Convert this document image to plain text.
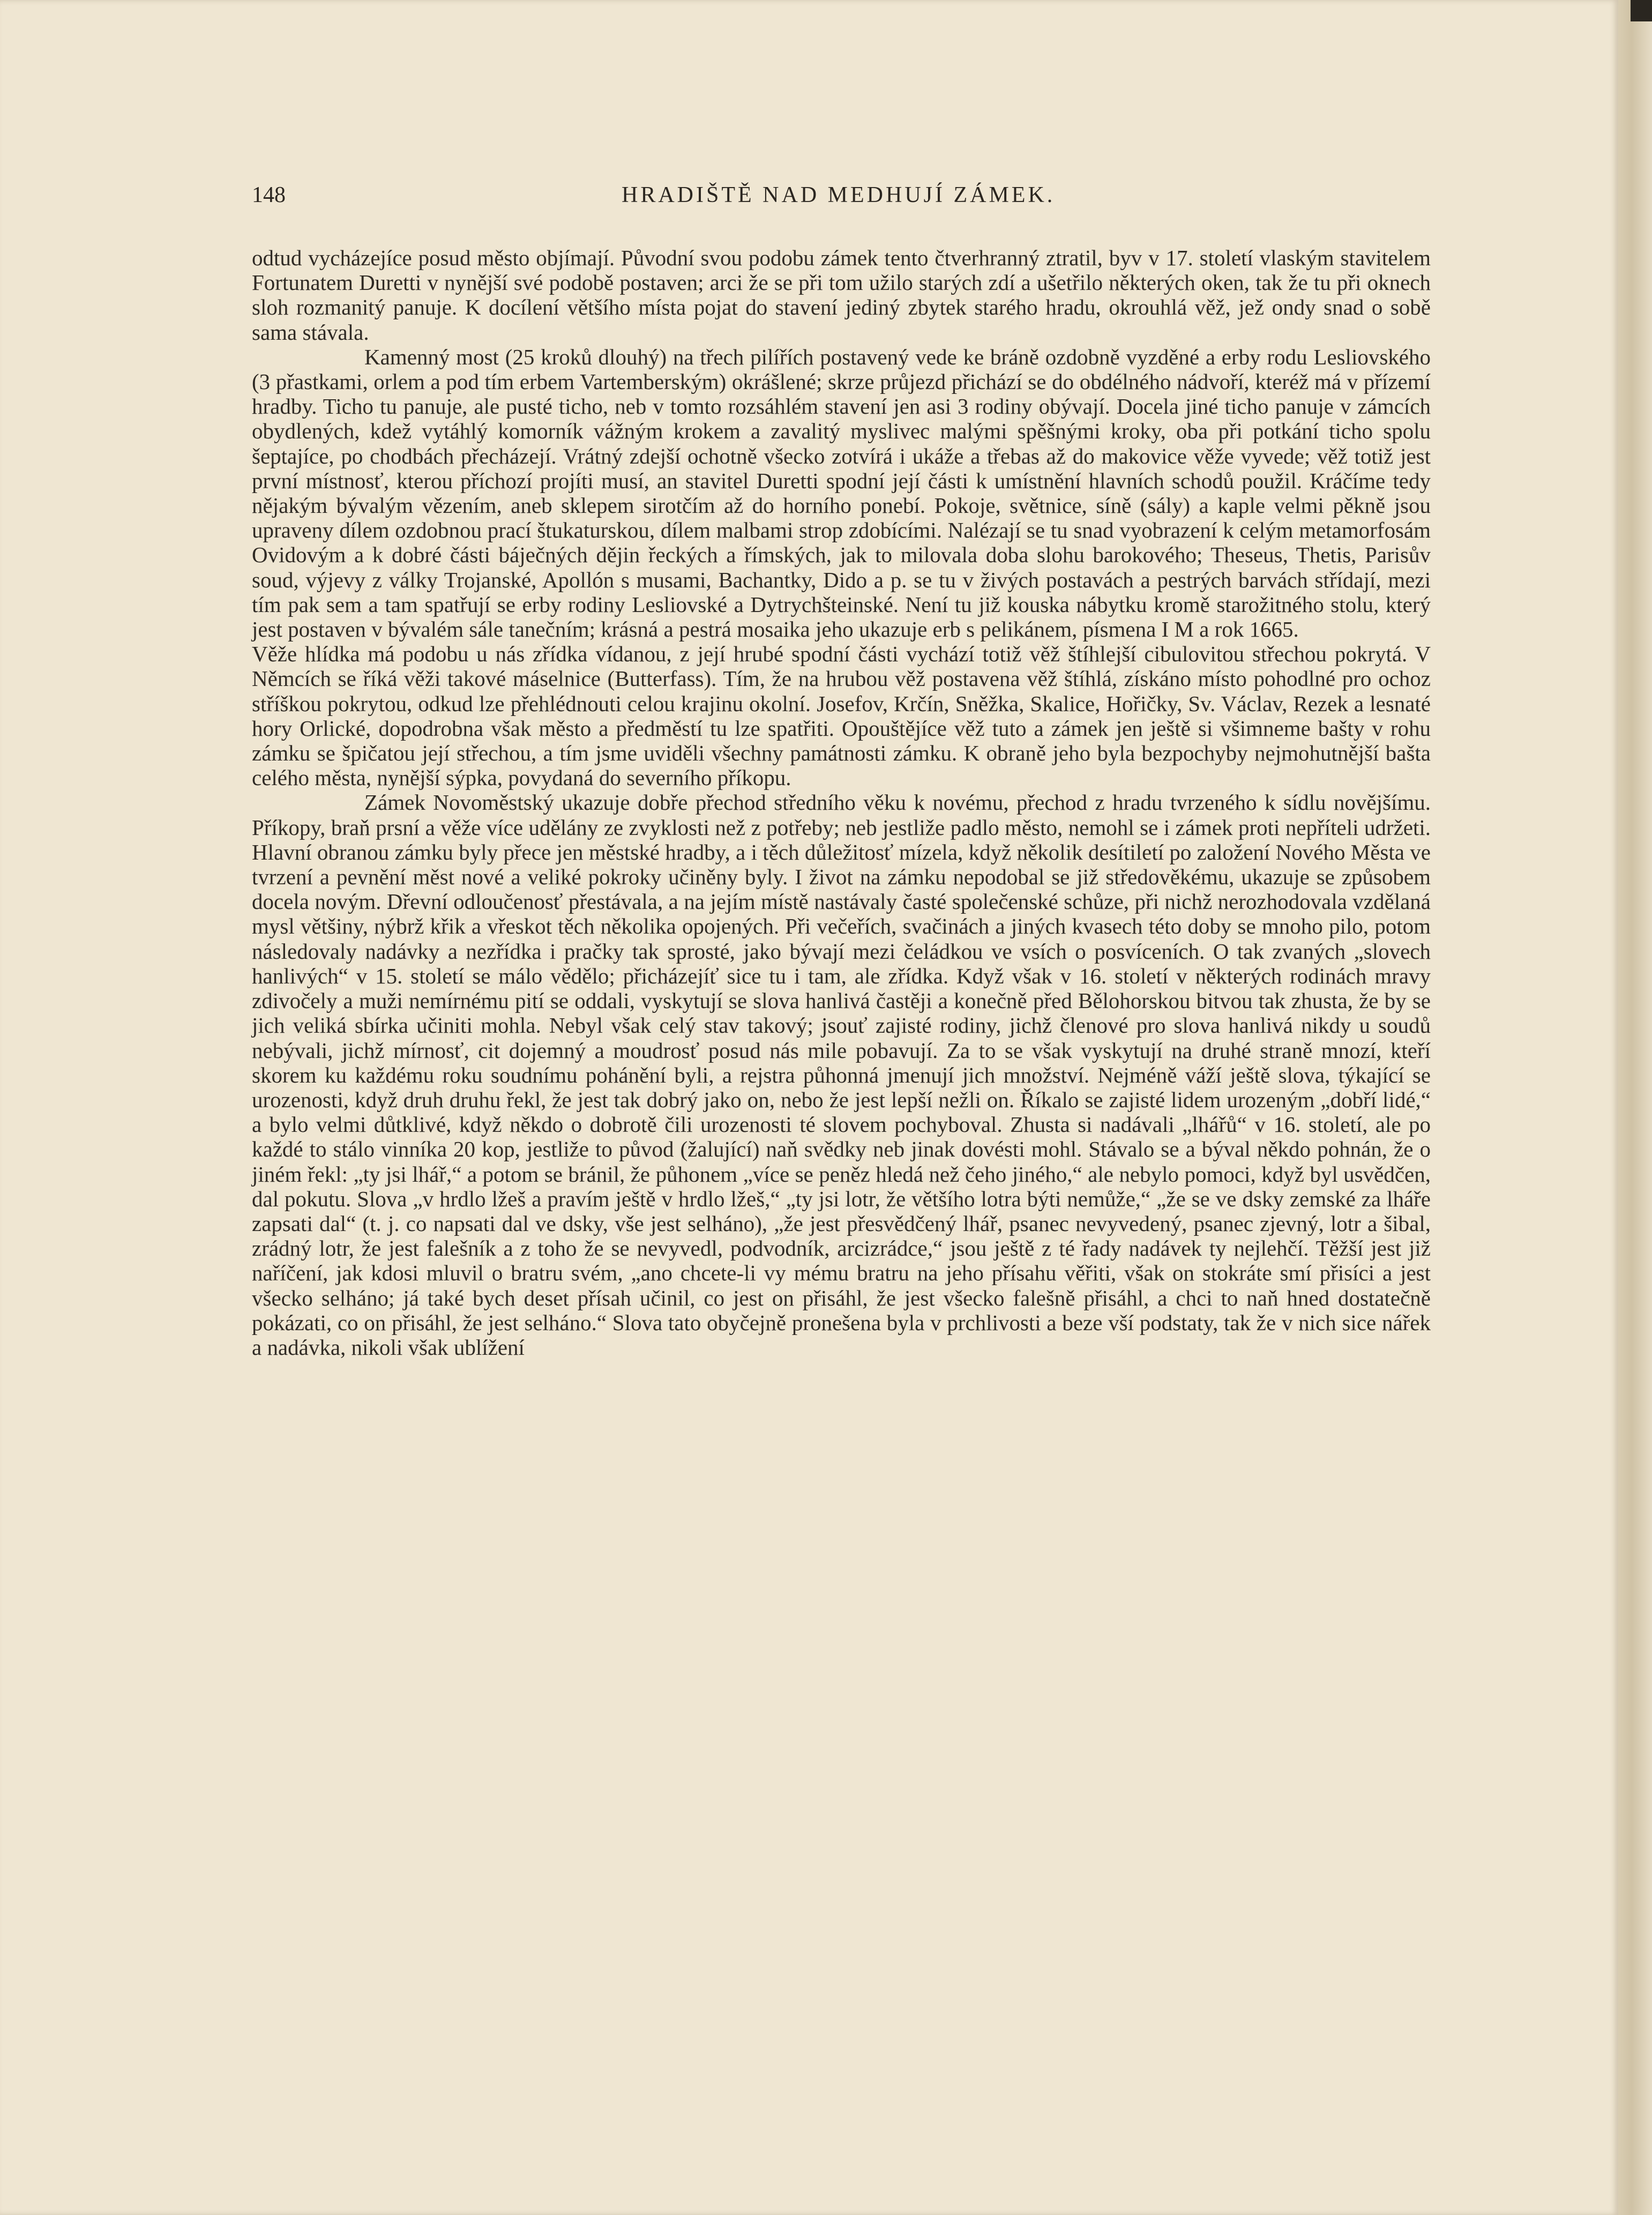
148	HRADIŠTĚ NAD MEDHUJÍ ZÁMEK.

odtud vycházejíce posud město objímají. Původní svou podobu zámek tento čtverhranný ztratil, byv v 17. století vlaským stavitelem Fortunatem Duretti v nynější své podobě postaven; arci že se při tom užilo starých zdí a ušetřilo některých oken, tak že tu při oknech sloh rozmanitý panuje. K docílení většího místa pojat do stavení jediný zbytek starého hradu, okrouhlá věž, jež ondy snad o sobě sama stávala.

Kamenný most (25 kroků dlouhý) na třech pilířích postavený vede ke bráně ozdobně vyzděné a erby rodu Lesliovského (3 přastkami, orlem a pod tím erbem Vartemberským) okrášlené; skrze průjezd přichází se do obdélného nádvoří, kteréž má v přízemí hradby. Ticho tu panuje, ale pusté ticho, neb v tomto rozsáhlém stavení jen asi 3 rodiny obývají. Docela jiné ticho panuje v zámcích obydlených, kdež vytáhlý komorník vážným krokem a zavalitý myslivec malými spěšnými kroky, oba při potkání ticho spolu šeptajíce, po chodbách přecházejí. Vrátný zdejší ochotně všecko zotvírá i ukáže a třebas až do makovice věže vyvede; věž totiž jest první místnosť, kterou příchozí projíti musí, an stavitel Duretti spodní její části k umístnění hlavních schodů použil. Kráčíme tedy nějakým bývalým vězením, aneb sklepem sirotčím až do horního ponebí. Pokoje, světnice, síně (sály) a kaple velmi pěkně jsou upraveny dílem ozdobnou prací štukaturskou, dílem malbami strop zdobícími. Nalézají se tu snad vyobrazení k celým metamorfosám Ovidovým a k dobré části báječných dějin řeckých a římských, jak to milovala doba slohu barokového; Theseus, Thetis, Parisův soud, výjevy z války Trojanské, Apollón s musami, Bachantky, Dido a p. se tu v živých postavách a pestrých barvách střídají, mezi tím pak sem a tam spatřují se erby rodiny Lesliovské a Dytrychšteinské. Není tu již kouska nábytku kromě starožitného stolu, který jest postaven v bývalém sále tanečním; krásná a pestrá mosaika jeho ukazuje erb s pelikánem, písmena I M a rok 1665.

Věže hlídka má podobu u nás zřídka vídanou, z její hrubé spodní části vychází totiž věž štíhlejší cibulovitou střechou pokrytá. V Němcích se říká věži takové máselnice (Butterfass). Tím, že na hrubou věž postavena věž štíhlá, získáno místo pohodlné pro ochoz stříškou pokrytou, odkud lze přehlédnouti celou krajinu okolní. Josefov, Krčín, Sněžka, Skalice, Hořičky, Sv. Václav, Rezek a lesnaté hory Orlické, dopodrobna však město a předměstí tu lze spatřiti. Opouštějíce věž tuto a zámek jen ještě si všimneme bašty v rohu zámku se špičatou její střechou, a tím jsme uviděli všechny památnosti zámku. K obraně jeho byla bezpochyby nejmohutnější bašta celého města, nynější sýpka, povydaná do severního příkopu.

Zámek Novoměstský ukazuje dobře přechod středního věku k novému, přechod z hradu tvrzeného k sídlu novějšímu. Příkopy, braň prsní a věže více udělány ze zvyklosti než z potřeby; neb jestliže padlo město, nemohl se i zámek proti nepříteli udržeti. Hlavní obranou zámku byly přece jen městské hradby, a i těch důležitosť mízela, když několik desítiletí po založení Nového Města ve tvrzení a pevnění měst nové a veliké pokroky učiněny byly. I život na zámku nepodobal se již středověkému, ukazuje se způsobem docela novým. Dřevní odloučenosť přestávala, a na jejím místě nastávaly časté společenské schůze, při nichž nerozhodovala vzdělaná mysl většiny, nýbrž křik a vřeskot těch několika opojených. Při večeřích, svačinách a jiných kvasech této doby se mnoho pilo, potom následovaly nadávky a nezřídka i pračky tak sprosté, jako bývají mezi čeládkou ve vsích o posvíceních. O tak zvaných „slovech hanlivých“ v 15. století se málo vědělo; přicházejíť sice tu i tam, ale zřídka. Když však v 16. století v některých rodinách mravy zdivočely a muži nemírnému pití se oddali, vyskytují se slova hanlivá častěji a konečně před Bělohorskou bitvou tak zhusta, že by se jich veliká sbírka učiniti mohla. Nebyl však celý stav takový; jsouť zajisté rodiny, jichž členové pro slova hanlivá nikdy u soudů nebývali, jichž mírnosť, cit dojemný a moudrosť posud nás mile pobavují. Za to se však vyskytují na druhé straně mnozí, kteří skorem ku každému roku soudnímu pohánění byli, a rejstra půhonná jmenují jich množství. Nejméně váží ještě slova, týkající se urozenosti, když druh druhu řekl, že jest tak dobrý jako on, nebo že jest lepší nežli on. Říkalo se zajisté lidem urozeným „dobří lidé,“ a bylo velmi důtklivé, když někdo o dobrotě čili urozenosti té slovem pochyboval. Zhusta si nadávali „lhářů“ v 16. století, ale po každé to stálo vinníka 20 kop, jestliže to původ (žalující) naň svědky neb jinak dovésti mohl. Stávalo se a býval někdo pohnán, že o jiném řekl: „ty jsi lhář,“ a potom se bránil, že půhonem „více se peněz hledá než čeho jiného,“ ale nebylo pomoci, když byl usvědčen, dal pokutu. Slova „v hrdlo lžeš a pravím ještě v hrdlo lžeš,“ „ty jsi lotr, že většího lotra býti nemůže,“ „že se ve dsky zemské za lháře zapsati dal“ (t. j. co napsati dal ve dsky, vše jest selháno), „že jest přesvědčený lhář, psanec nevyvedený, psanec zjevný, lotr a šibal, zrádný lotr, že jest falešník a z toho že se nevyvedl, podvodník, arcizrádce,“ jsou ještě z té řady nadávek ty nejlehčí. Těžší jest již naříčení, jak kdosi mluvil o bratru svém, „ano chcete-li vy mému bratru na jeho přísahu věřiti, však on stokráte smí přisíci a jest všecko selháno; já také bych deset přísah učinil, co jest on přisáhl, že jest všecko falešně přisáhl, a chci to naň hned dostatečně pokázati, co on přisáhl, že jest selháno.“ Slova tato obyčejně pronešena byla v prchlivosti a beze vší podstaty, tak že v nich sice nářek a nadávka, nikoli však ublížení
